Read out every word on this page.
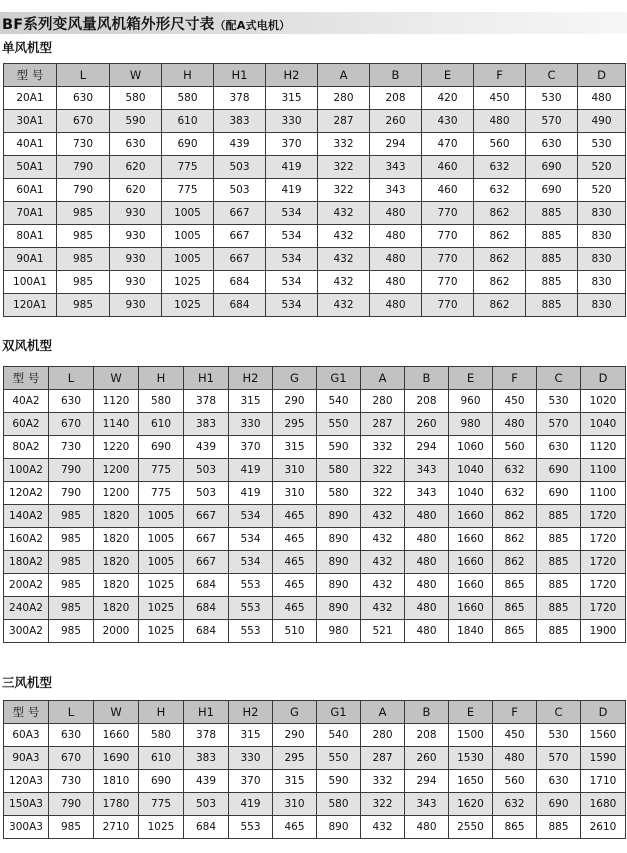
BF系列变风量风机箱外形尺寸表（配A式电机）
单风机型
型 号	L	W	H	H1	H2	A	B	E	F	C	D
20A1	630	580	580	378	315	280	208	420	450	530	480
30A1	670	590	610	383	330	287	260	430	480	570	490
40A1	730	630	690	439	370	332	294	470	560	630	530
50A1	790	620	775	503	419	322	343	460	632	690	520
60A1	790	620	775	503	419	322	343	460	632	690	520
70A1	985	930	1005	667	534	432	480	770	862	885	830
80A1	985	930	1005	667	534	432	480	770	862	885	830
90A1	985	930	1005	667	534	432	480	770	862	885	830
100A1	985	930	1025	684	534	432	480	770	862	885	830
120A1	985	930	1025	684	534	432	480	770	862	885	830
双风机型
型 号	L	W	H	H1	H2	G	G1	A	B	E	F	C	D
40A2	630	1120	580	378	315	290	540	280	208	960	450	530	1020
60A2	670	1140	610	383	330	295	550	287	260	980	480	570	1040
80A2	730	1220	690	439	370	315	590	332	294	1060	560	630	1120
100A2	790	1200	775	503	419	310	580	322	343	1040	632	690	1100
120A2	790	1200	775	503	419	310	580	322	343	1040	632	690	1100
140A2	985	1820	1005	667	534	465	890	432	480	1660	862	885	1720
160A2	985	1820	1005	667	534	465	890	432	480	1660	862	885	1720
180A2	985	1820	1005	667	534	465	890	432	480	1660	862	885	1720
200A2	985	1820	1025	684	553	465	890	432	480	1660	865	885	1720
240A2	985	1820	1025	684	553	465	890	432	480	1660	865	885	1720
300A2	985	2000	1025	684	553	510	980	521	480	1840	865	885	1900
三风机型
型 号	L	W	H	H1	H2	G	G1	A	B	E	F	C	D
60A3	630	1660	580	378	315	290	540	280	208	1500	450	530	1560
90A3	670	1690	610	383	330	295	550	287	260	1530	480	570	1590
120A3	730	1810	690	439	370	315	590	332	294	1650	560	630	1710
150A3	790	1780	775	503	419	310	580	322	343	1620	632	690	1680
300A3	985	2710	1025	684	553	465	890	432	480	2550	865	885	2610
